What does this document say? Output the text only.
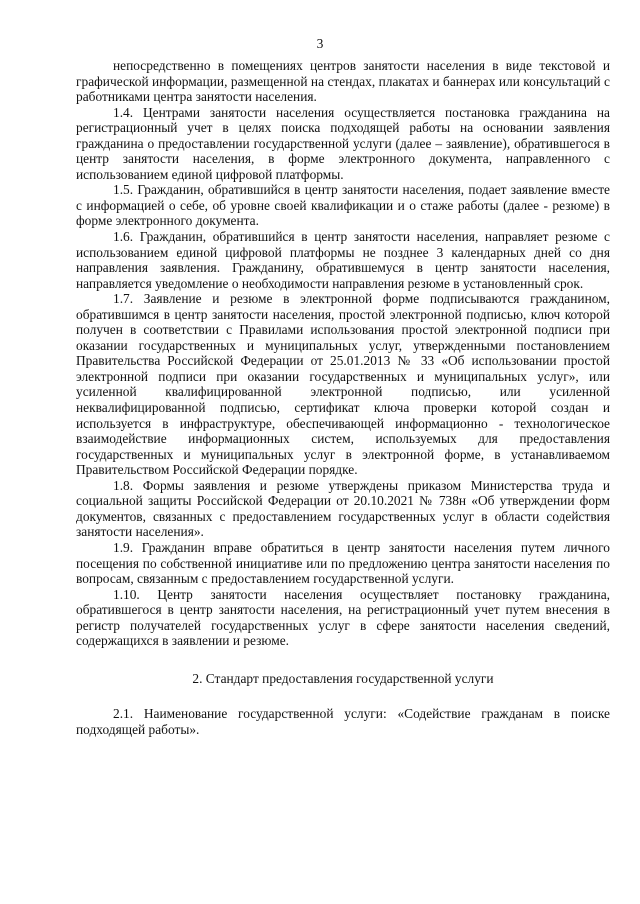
3

непосредственно в помещениях центров занятости населения в виде текстовой и графической информации, размещенной на стендах, плакатах и баннерах или консультаций с работниками центра занятости населения.

1.4. Центрами занятости населения осуществляется постановка гражданина на регистрационный учет в целях поиска подходящей работы на основании заявления гражданина о предоставлении государственной услуги (далее – заявление), обратившегося в центр занятости населения, в форме электронного документа, направленного с использованием единой цифровой платформы.

1.5. Гражданин, обратившийся в центр занятости населения, подает заявление вместе с информацией о себе, об уровне своей квалификации и о стаже работы (далее - резюме) в форме электронного документа.

1.6. Гражданин, обратившийся в центр занятости населения, направляет резюме с использованием единой цифровой платформы не позднее 3 календарных дней со дня направления заявления. Гражданину, обратившемуся в центр занятости населения, направляется уведомление о необходимости направления резюме в установленный срок.

1.7. Заявление и резюме в электронной форме подписываются гражданином, обратившимся в центр занятости населения, простой электронной подписью, ключ которой получен в соответствии с Правилами использования простой электронной подписи при оказании государственных и муниципальных услуг, утвержденными постановлением Правительства Российской Федерации от 25.01.2013 № 33 «Об использовании простой электронной подписи при оказании государственных и муниципальных услуг», или усиленной квалифицированной электронной подписью, или усиленной неквалифицированной подписью, сертификат ключа проверки которой создан и используется в инфраструктуре, обеспечивающей информационно - технологическое взаимодействие информационных систем, используемых для предоставления государственных и муниципальных услуг в электронной форме, в устанавливаемом Правительством Российской Федерации порядке.

1.8. Формы заявления и резюме утверждены приказом Министерства труда и социальной защиты Российской Федерации от 20.10.2021 № 738н «Об утверждении форм документов, связанных с предоставлением государственных услуг в области содействия занятости населения».

1.9. Гражданин вправе обратиться в центр занятости населения путем личного посещения по собственной инициативе или по предложению центра занятости населения по вопросам, связанным с предоставлением государственной услуги.

1.10. Центр занятости населения осуществляет постановку гражданина, обратившегося в центр занятости населения, на регистрационный учет путем внесения в регистр получателей государственных услуг в сфере занятости населения сведений, содержащихся в заявлении и резюме.

2. Стандарт предоставления государственной услуги

2.1. Наименование государственной услуги: «Содействие гражданам в поиске подходящей работы».
